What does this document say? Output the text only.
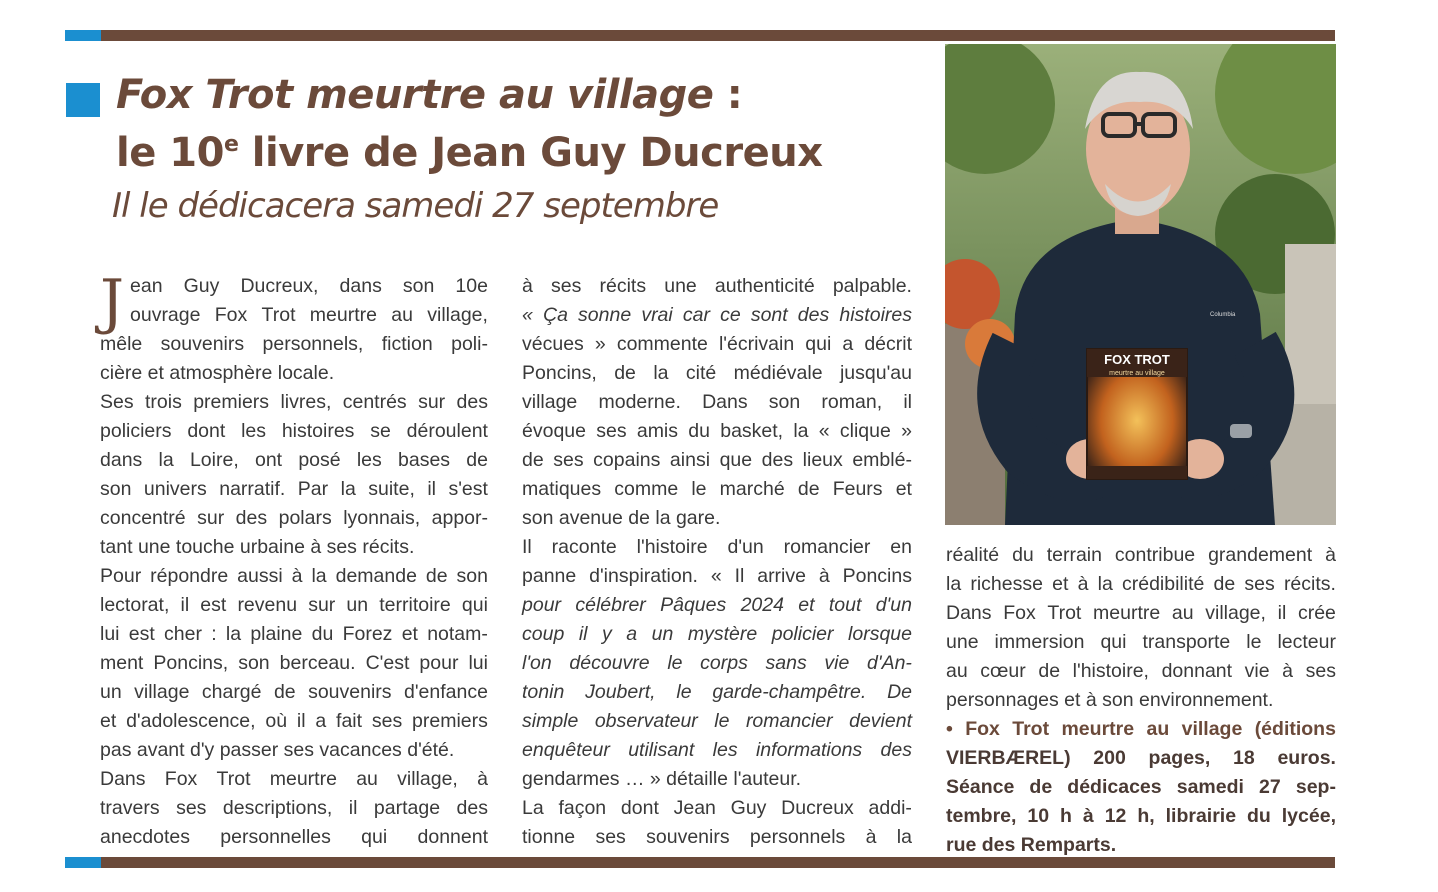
Fox Trot meurtre au village :
le 10e livre de Jean Guy Ducreux
Il le dédicacera samedi 27 septembre
J ean Guy Ducreux, dans son 10e
ouvrage Fox Trot meurtre au village,
mêle souvenirs personnels, fiction poli-
cière et atmosphère locale.
Ses trois premiers livres, centrés sur des
policiers dont les histoires se déroulent
dans la Loire, ont posé les bases de
son univers narratif. Par la suite, il s'est
concentré sur des polars lyonnais, appor-
tant une touche urbaine à ses récits.
Pour répondre aussi à la demande de son
lectorat, il est revenu sur un territoire qui
lui est cher : la plaine du Forez et notam-
ment Poncins, son berceau. C'est pour lui
un village chargé de souvenirs d'enfance
et d'adolescence, où il a fait ses premiers
pas avant d'y passer ses vacances d'été.
Dans Fox Trot meurtre au village, à
travers ses descriptions, il partage des
anecdotes personnelles qui donnent
à ses récits une authenticité palpable.
« Ça sonne vrai car ce sont des histoires
vécues » commente l'écrivain qui a décrit
Poncins, de la cité médiévale jusqu'au
village moderne. Dans son roman, il
évoque ses amis du basket, la « clique »
de ses copains ainsi que des lieux emblé-
matiques comme le marché de Feurs et
son avenue de la gare.
Il raconte l'histoire d'un romancier en
panne d'inspiration. « Il arrive à Poncins
pour célébrer Pâques 2024 et tout d'un
coup il y a un mystère policier lorsque
l'on découvre le corps sans vie d'An-
tonin Joubert, le garde-champêtre. De
simple observateur le romancier devient
enquêteur utilisant les informations des
gendarmes … » détaille l'auteur.
La façon dont Jean Guy Ducreux addi-
tionne ses souvenirs personnels à la
FOX TROT
meurtre au village
Columbia
réalité du terrain contribue grandement à
la richesse et à la crédibilité de ses récits.
Dans Fox Trot meurtre au village, il crée
une immersion qui transporte le lecteur
au cœur de l'histoire, donnant vie à ses
personnages et à son environnement.
• Fox Trot meurtre au village (éditions
VIERBÆREL) 200 pages, 18 euros.
Séance de dédicaces samedi 27 sep-
tembre, 10 h à 12 h, librairie du lycée,
rue des Remparts.
